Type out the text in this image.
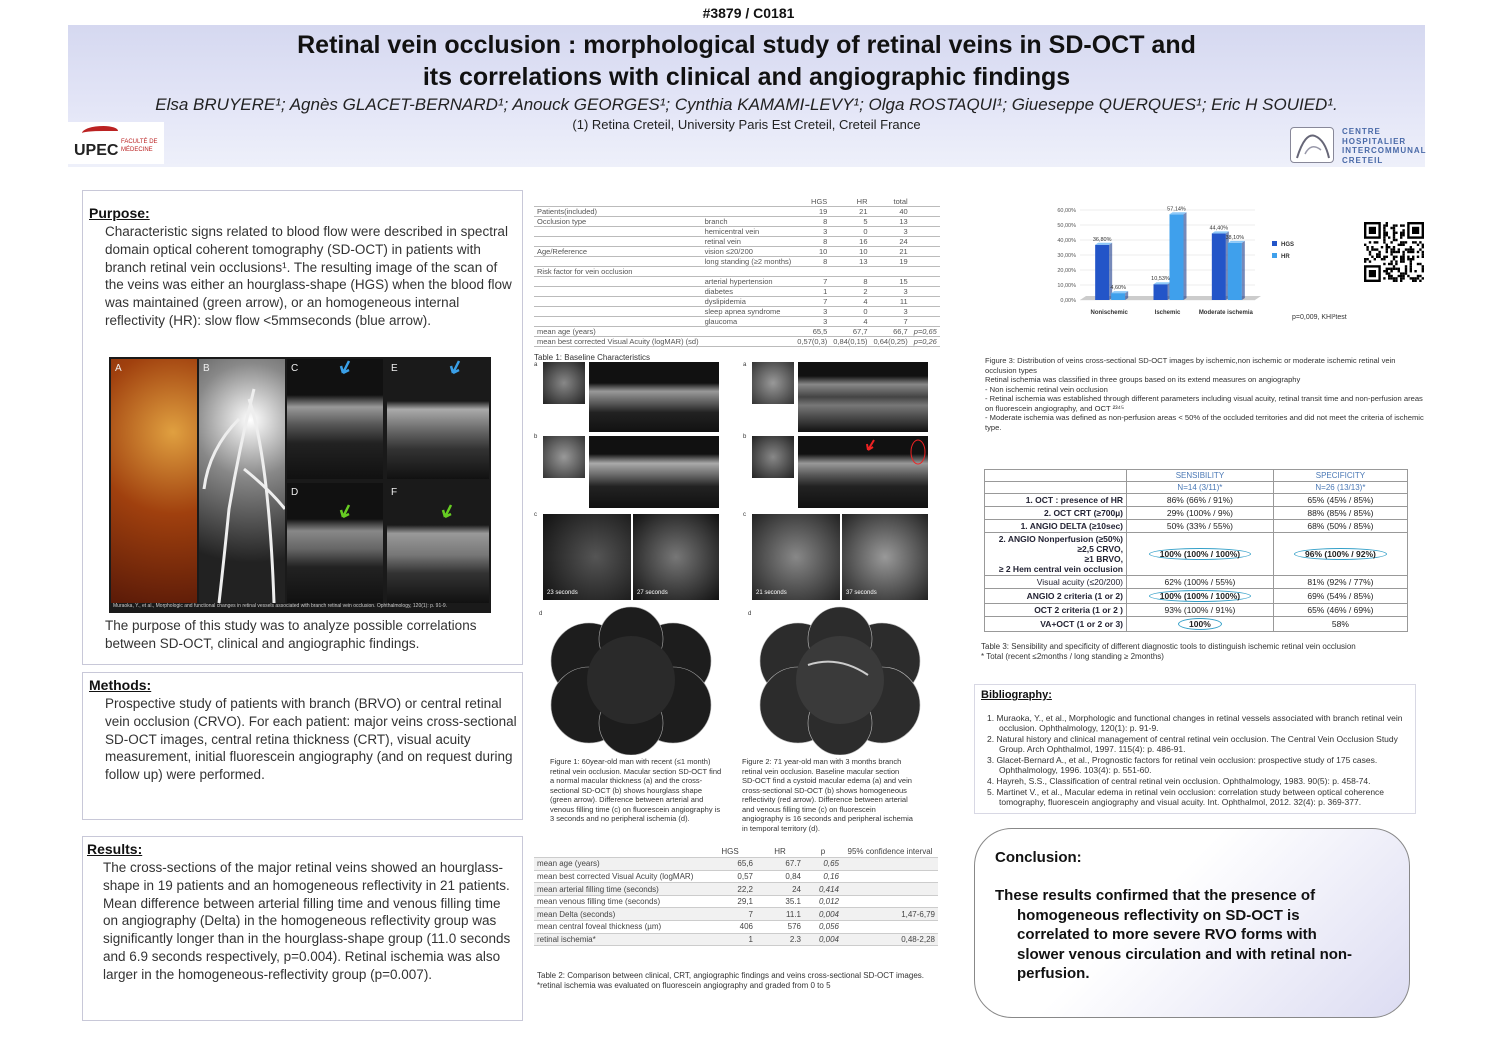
#3879 / C0181
Retinal vein occlusion : morphological study of retinal veins in SD-OCT and
its correlations with clinical and angiographic findings
Elsa BRUYERE¹; Agnès GLACET-BERNARD¹; Anouck GEORGES¹; Cynthia KAMAMI-LEVY¹; Olga ROSTAQUI¹; Giueseppe QUERQUES¹; Eric H SOUIED¹.
(1) Retina Creteil, University Paris Est Creteil, Creteil France
UPEC FACULTÉ DE MÉDECINE
CENTRE
HOSPITALIER
INTERCOMMUNAL
CRETEIL
Purpose:
Characteristic signs related to blood flow were described in spectral domain optical coherent tomography (SD-OCT) in patients with branch retinal vein occlusions¹. The resulting image of the scan of the veins was either an hourglass-shape (HGS) when the blood flow was maintained (green arrow), or an homogeneous internal reflectivity (HR): slow flow <5mmseconds (blue arrow).
A	B	C
D
E
F
Muraoka, Y., et al., Morphologic and functional changes in retinal vessels associated with branch retinal vein occlusion. Ophthalmology, 120(1): p. 91-9.
The purpose of this study was to analyze possible correlations between SD-OCT, clinical and angiographic findings.
Methods:
Prospective study of patients with branch (BRVO) or central retinal vein occlusion (CRVO). For each patient: major veins cross-sectional SD-OCT images, central retina thickness (CRT), visual acuity measurement, initial fluorescein angiography (and on request during follow up) were performed.
Results:
The cross-sections of the major retinal veins showed an hourglass-shape in 19 patients and an homogeneous reflectivity in 21 patients. Mean difference between arterial filling time and venous filling time on angiography (Delta) in the homogeneous reflectivity group was significantly longer than in the hourglass-shape group (11.0 seconds and 6.9 seconds respectively, p=0.004). Retinal ischemia was also larger in the homogeneous-reflectivity group (p=0.007).
		HGS	HR	total	
Patients(included)		19	21	40	
Occlusion type	branch	8	5	13	
	hemicentral vein	3	0	3	
	retinal vein	8	16	24	
Age/Reference	vision ≤20/200	10	10	21	
	long standing (≥2 months)	8	13	19	
Risk factor for vein occlusion					
	arterial hypertension	7	8	15	
	diabetes	1	2	3	
	dyslipidemia	7	4	11	
	sleep apnea syndrome	3	0	3	
	glaucoma	3	4	7	
mean age (years)		65,5	67,7	66,7	p=0,65
mean best corrected Visual Acuity (logMAR) (sd)		0,57(0,3)	0,84(0,15)	0,64(0,25)	p=0,26
Table 1: Baseline Characteristics
a
b
c
23 seconds	27 seconds
a
b
c
21 seconds	37 seconds
d	d
Figure 1: 60year-old man with recent (≤1 month) retinal vein occlusion. Macular section SD-OCT find a normal macular thickness (a) and the cross-sectional SD-OCT (b) shows hourglass shape (green arrow). Difference between arterial and venous filling time (c) on fluorescein angiography is 3 seconds and no peripheral ischemia (d).
Figure 2: 71 year-old man with 3 months branch retinal vein occlusion. Baseline macular section SD-OCT find a cystoid macular edema (a) and vein cross-sectional SD-OCT (b) shows homogeneous reflectivity (red arrow). Difference between arterial and venous filling time (c) on fluorescein angiography is 16 seconds and peripheral ischemia in temporal territory (d).
	HGS	HR	p	95% confidence interval
mean age (years)	65,6	67.7	0,65	
mean best corrected Visual Acuity (logMAR)	0,57	0,84	0,16	
mean arterial filling time (seconds)	22,2	24	0,414	
mean venous filling time (seconds)	29,1	35.1	0,012	
mean Delta (seconds)	7	11.1	0,004	1,47-6,79
mean central foveal thickness (µm)	406	576	0,056	
retinal ischemia*	1	2.3	0,004	0,48-2,28
Table 2: Comparison between clinical, CRT, angiographic findings and veins cross-sectional SD-OCT images.
*retinal ischemia was evaluated on fluorescein angiography and graded from 0 to 5
0,00%
10,00%
20,00%
30,00%
40,00%
50,00%
60,00%
Nonischemic
36,80%
4,60%
Ischemic
10,53%
57,14%
Moderate ischemia
44,40%
38,10%
HGS
HR
p=0,009, KHI²test
Figure 3: Distribution of veins cross-sectional SD-OCT images by ischemic,non ischemic or moderate ischemic retinal vein occlusion types
Retinal ischemia was classified in three groups based on its extend measures on angiography
- Non ischemic retinal vein occlusion
- Retinal ischemia was established through different parameters including visual acuity, retinal transit time and non-perfusion areas on fluorescein angiography, and OCT ²³⁴⁵
- Moderate ischemia was defined as non-perfusion areas < 50% of the occluded territories and did not meet the criteria of ischemic type.
	SENSIBILITY	SPECIFICITY
	N=14 (3/11)*	N=26 (13/13)*

1. OCT : presence of HR	86% (66% / 91%)	65% (45% / 85%)

2. OCT CRT (≥700µ)	29% (100% / 9%)	88% (85% / 85%)

1. ANGIO DELTA (≥10sec)	50% (33% / 55%)	68% (50% / 85%)

2. ANGIO Nonperfusion (≥50%)
≥2,5 CRVO,
≥1 BRVO,
≥ 2 Hem central vein occlusion	100% (100% / 100%)	96% (100% / 92%)

Visual acuity (≤20/200)	62% (100% / 55%)	81% (92% / 77%)

ANGIO 2 criteria (1 or 2)	100% (100% / 100%)	69% (54% / 85%)

OCT 2 criteria (1 or 2 )	93% (100% / 91%)	65% (46% / 69%)

VA+OCT (1 or 2 or 3)	100%	58%
Table 3: Sensibility and specificity of different diagnostic tools to distinguish ischemic retinal vein occlusion
* Total (recent ≤2months / long standing ≥ 2months)
Bibliography:
1. Muraoka, Y., et al., Morphologic and functional changes in retinal vessels associated with branch retinal vein occlusion. Ophthalmology, 120(1): p. 91-9.
2. Natural history and clinical management of central retinal vein occlusion. The Central Vein Occlusion Study Group. Arch Ophthalmol, 1997. 115(4): p. 486-91.
3. Glacet-Bernard A., et al., Prognostic factors for retinal vein occlusion: prospective study of 175 cases. Ophthalmology, 1996. 103(4): p. 551-60.
4. Hayreh, S.S., Classification of central retinal vein occlusion. Ophthalmology, 1983. 90(5): p. 458-74.
5. Martinet V., et al., Macular edema in retinal vein occlusion: correlation study between optical coherence tomography, fluorescein angiography and visual acuity. Int. Ophthalmol, 2012. 32(4): p. 369-377.
Conclusion:
These results confirmed that the presence of
homogeneous reflectivity on SD-OCT is
correlated to more severe RVO forms with
slower venous circulation and with retinal non-
perfusion.
